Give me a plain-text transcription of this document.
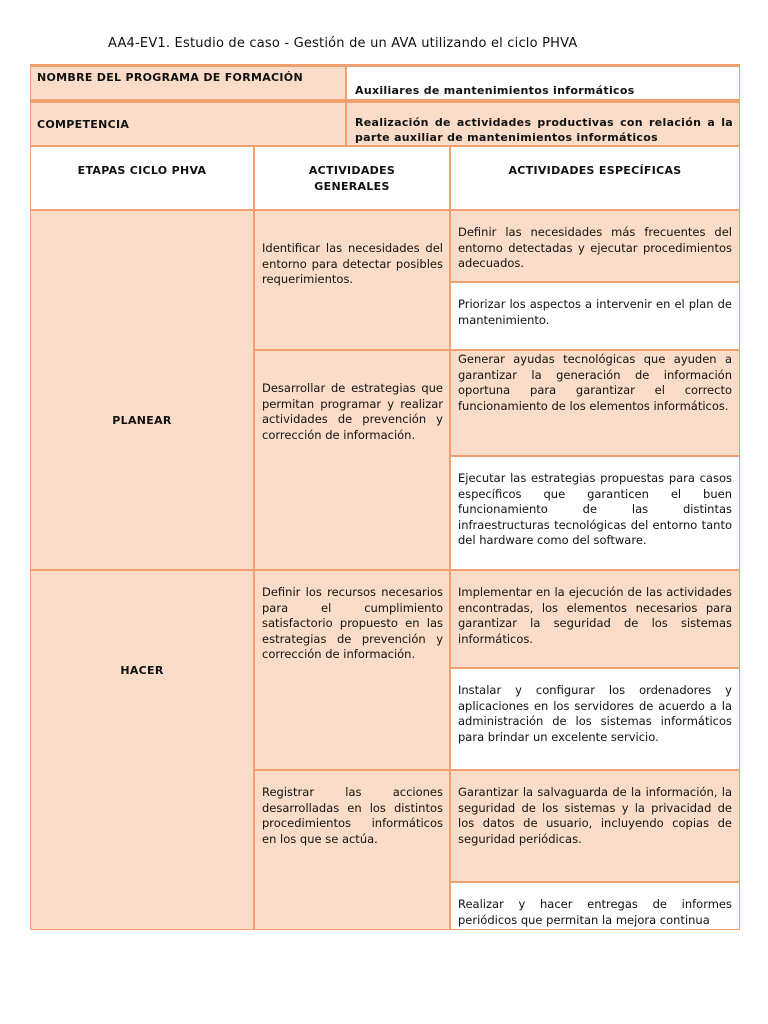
AA4-EV1. Estudio de caso - Gestión de un AVA utilizando el ciclo PHVA
NOMBRE DEL PROGRAMA DE FORMACIÓN
Auxiliares de mantenimientos informáticos
COMPETENCIA	Realización de actividades productivas con relación a la parte auxiliar de mantenimientos informáticos
ETAPAS CICLO PHVA	ACTIVIDADES GENERALES
ACTIVIDADES ESPECÍFICAS
PLANEAR
Identificar las necesidades del entorno para detectar posibles requerimientos.
Definir las necesidades más frecuentes del entorno detectadas y ejecutar procedimientos adecuados.
Priorizar los aspectos a intervenir en el plan de mantenimiento.
Desarrollar de estrategias que permitan programar y realizar actividades de prevención y corrección de información.
Generar ayudas tecnológicas que ayuden a garantizar la generación de información oportuna para garantizar el correcto funcionamiento de los elementos informáticos.
Ejecutar las estrategias propuestas para casos específicos que garanticen el buen funcionamiento de las distintas infraestructuras tecnológicas del entorno tanto del hardware como del software.
HACER
Definir los recursos necesarios para el cumplimiento satisfactorio propuesto en las estrategias de prevención y corrección de información.
Implementar en la ejecución de las actividades encontradas, los elementos necesarios para garantizar la seguridad de los sistemas informáticos.
Instalar y configurar los ordenadores y aplicaciones en los servidores de acuerdo a la administración de los sistemas informáticos para brindar un excelente servicio.
Registrar las acciones desarrolladas en los distintos procedimientos informáticos en los que se actúa.
Garantizar la salvaguarda de la información, la seguridad de los sistemas y la privacidad de los datos de usuario, incluyendo copias de seguridad periódicas.
Realizar y hacer entregas de informes periódicos que permitan la mejora continua
